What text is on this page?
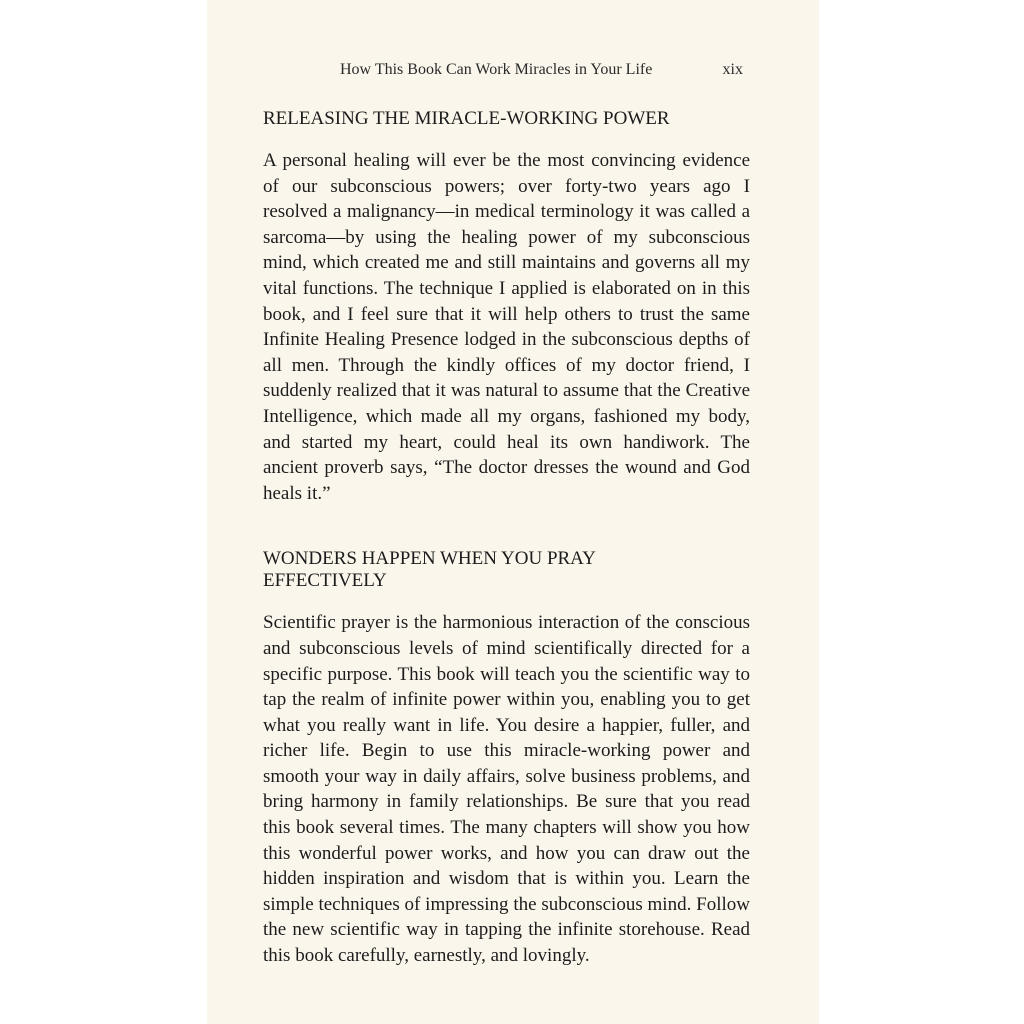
How This Book Can Work Miracles in Your Life	xix
RELEASING THE MIRACLE-WORKING POWER

A personal healing will ever be the most convincing evidence of our subconscious powers; over forty-two years ago I resolved a malignancy—in medical terminology it was called a sarcoma—by using the healing power of my subconscious mind, which created me and still maintains and governs all my vital functions. The technique I applied is elaborated on in this book, and I feel sure that it will help others to trust the same Infinite Healing Presence lodged in the subconscious depths of all men. Through the kindly offices of my doctor friend, I suddenly realized that it was natural to assume that the Creative Intelligence, which made all my organs, fashioned my body, and started my heart, could heal its own handiwork. The ancient proverb says, “The doctor dresses the wound and God heals it.”

WONDERS HAPPEN WHEN YOU PRAY EFFECTIVELY

Scientific prayer is the harmonious interaction of the conscious and subconscious levels of mind scientifically directed for a specific purpose. This book will teach you the scientific way to tap the realm of infinite power within you, enabling you to get what you really want in life. You desire a happier, fuller, and richer life. Begin to use this miracle-working power and smooth your way in daily affairs, solve business problems, and bring harmony in family relationships. Be sure that you read this book several times. The many chapters will show you how this wonderful power works, and how you can draw out the hidden inspiration and wisdom that is within you. Learn the simple techniques of impressing the subconscious mind. Follow the new scientific way in tapping the infinite storehouse. Read this book carefully, earnestly, and lovingly.
